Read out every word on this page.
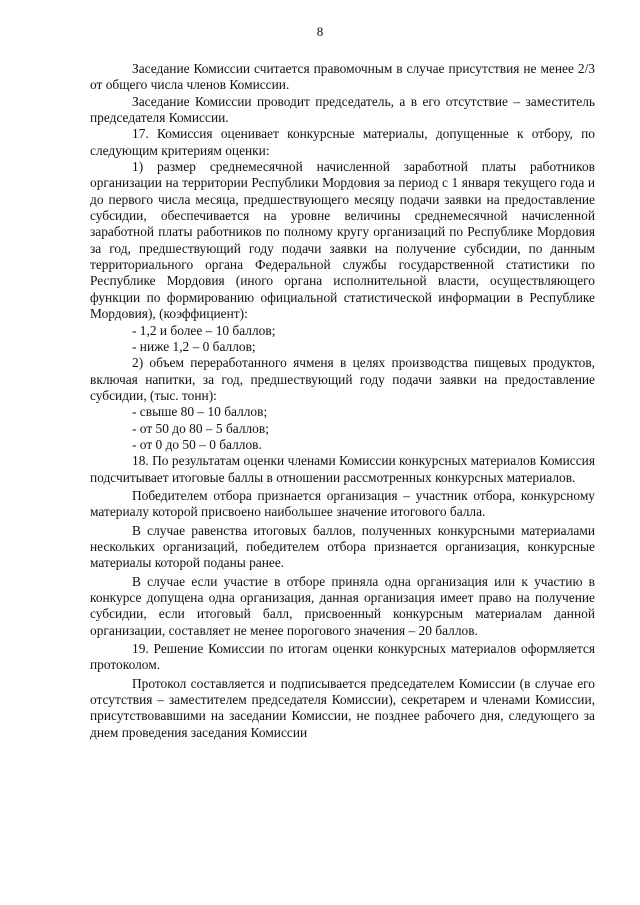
8

Заседание Комиссии считается правомочным в случае присутствия не менее 2/3 от общего числа членов Комиссии.

Заседание Комиссии проводит председатель, а в его отсутствие – заместитель председателя Комиссии.

17. Комиссия оценивает конкурсные материалы, допущенные к отбору, по следующим критериям оценки:

1) размер среднемесячной начисленной заработной платы работников организации на территории Республики Мордовия за период с 1 января текущего года и до первого числа месяца, предшествующего месяцу подачи заявки на предоставление субсидии, обеспечивается на уровне величины среднемесячной начисленной заработной платы работников по полному кругу организаций по Республике Мордовия за год, предшествующий году подачи заявки на получение субсидии, по данным территориального органа Федеральной службы государственной статистики по Республике Мордовия (иного органа исполнительной власти, осуществляющего функции по формированию официальной статистической информации в Республике Мордовия), (коэффициент):

- 1,2 и более – 10 баллов;

- ниже 1,2 – 0 баллов;

2) объем переработанного ячменя в целях производства пищевых продуктов, включая напитки, за год, предшествующий году подачи заявки на предоставление субсидии, (тыс. тонн):

- свыше 80 – 10 баллов;

- от 50 до 80 – 5 баллов;

- от 0 до 50 – 0 баллов.

18. По результатам оценки членами Комиссии конкурсных материалов Комиссия подсчитывает итоговые баллы в отношении рассмотренных конкурсных материалов.

Победителем отбора признается организация – участник отбора, конкурсному материалу которой присвоено наибольшее значение итогового балла.

В случае равенства итоговых баллов, полученных конкурсными материалами нескольких организаций, победителем отбора признается организация, конкурсные материалы которой поданы ранее.

В случае если участие в отборе приняла одна организация или к участию в конкурсе допущена одна организация, данная организация имеет право на получение субсидии, если итоговый балл, присвоенный конкурсным материалам данной организации, составляет не менее порогового значения – 20 баллов.

19. Решение Комиссии по итогам оценки конкурсных материалов оформляется протоколом.

Протокол составляется и подписывается председателем Комиссии (в случае его отсутствия – заместителем председателя Комиссии), секретарем и членами Комиссии, присутствовавшими на заседании Комиссии, не позднее рабочего дня, следующего за днем проведения заседания Комиссии
